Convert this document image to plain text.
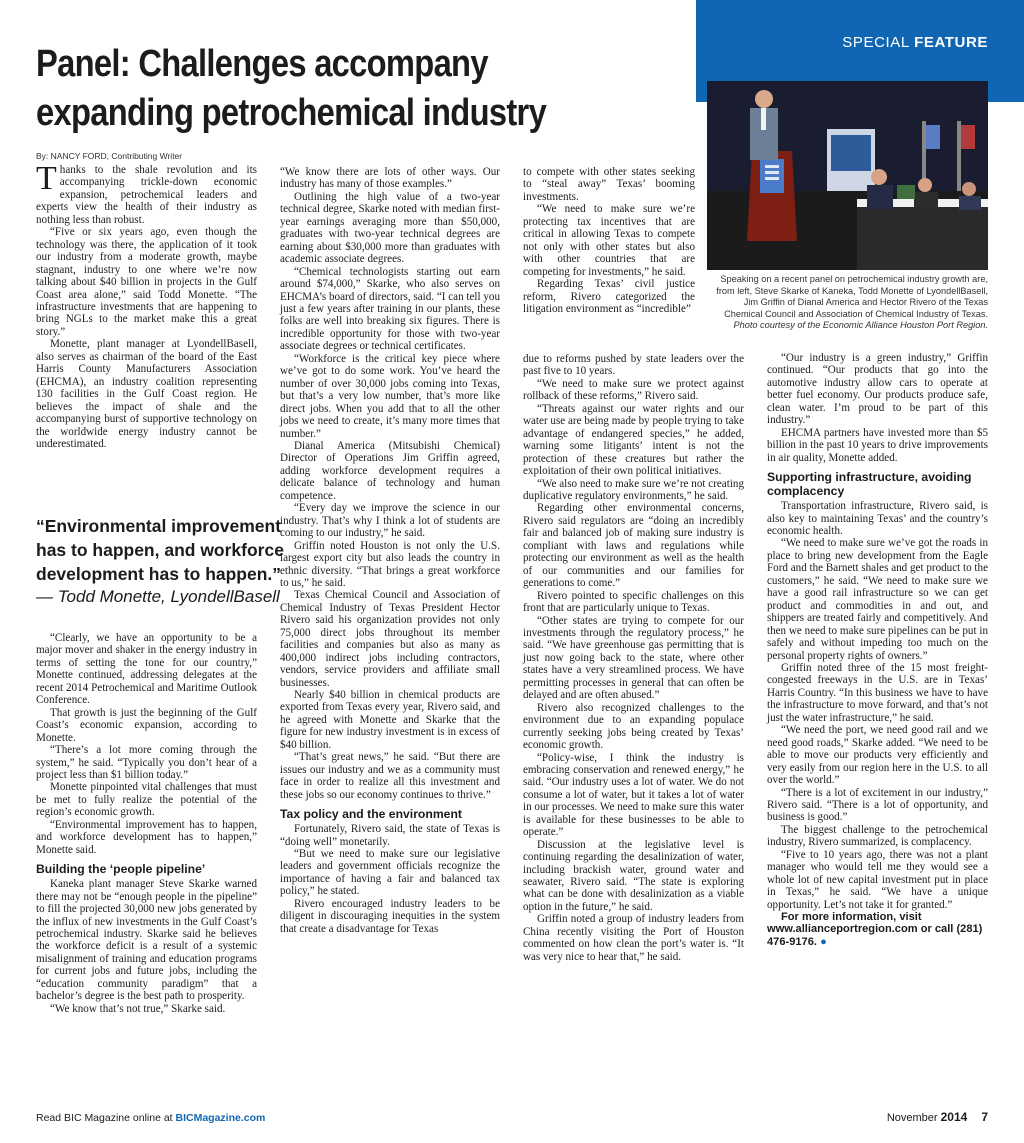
SPECIAL FEATURE
Panel: Challenges accompany expanding petrochemical industry
By: NANCY FORD, Contributing Writer
Speaking on a recent panel on petrochemical industry growth are, from left, Steve Skarke of Kaneka, Todd Monette of LyondellBasell, Jim Griffin of Dianal America and Hector Rivero of the Texas Chemical Council and Association of Chemical Industry of Texas. Photo courtesy of the Economic Alliance Houston Port Region.

Thanks to the shale revolution and its accompanying trickle-down economic expansion, petrochemical leaders and experts view the health of their industry as nothing less than robust.

“Five or six years ago, even though the technology was there, the application of it took our industry from a moderate growth, maybe stagnant, industry to one where we’re now talking about $40 billion in projects in the Gulf Coast area alone,” said Todd Monette. “The infrastructure investments that are happening to bring NGLs to the market make this a great story.”

Monette, plant manager at LyondellBasell, also serves as chairman of the board of the East Harris County Manufacturers Association (EHCMA), an industry coalition representing 130 facilities in the Gulf Coast region. He believes the impact of shale and the accompanying burst of supportive technology on the worldwide energy industry cannot be underestimated.

“Environmental improvement has to happen, and workforce development has to happen.”

— Todd Monette, LyondellBasell

“Clearly, we have an opportunity to be a major mover and shaker in the energy industry in terms of setting the tone for our country,” Monette continued, addressing delegates at the recent 2014 Petrochemical and Maritime Outlook Conference.

That growth is just the beginning of the Gulf Coast’s economic expansion, according to Monette.

“There’s a lot more coming through the system,” he said. “Typically you don’t hear of a project less than $1 billion today.”

Monette pinpointed vital challenges that must be met to fully realize the potential of the region’s economic growth.

“Environmental improvement has to happen, and workforce development has to happen,” Monette said.

Building the ‘people pipeline’

Kaneka plant manager Steve Skarke warned there may not be “enough people in the pipeline” to fill the projected 30,000 new jobs generated by the influx of new investments in the Gulf Coast’s petrochemical industry. Skarke said he believes the workforce deficit is a result of a systemic misalignment of training and education programs for current jobs and future jobs, including the “education community paradigm” that a bachelor’s degree is the best path to prosperity.

“We know that’s not true,” Skarke said.

“We know there are lots of other ways. Our industry has many of those examples.”

Outlining the high value of a two-year technical degree, Skarke noted with median first-year earnings averaging more than $50,000, graduates with two-year technical degrees are earning about $30,000 more than graduates with academic associate degrees.

“Chemical technologists starting out earn around $74,000,” Skarke, who also serves on EHCMA’s board of directors, said. “I can tell you just a few years after training in our plants, these folks are well into breaking six figures. There is incredible opportunity for those with two-year associate degrees or technical certificates.

“Workforce is the critical key piece where we’ve got to do some work. You’ve heard the number of over 30,000 jobs coming into Texas, but that’s a very low number, that’s more like direct jobs. When you add that to all the other jobs we need to create, it’s many more times that number.”

Dianal America (Mitsubishi Chemical) Director of Operations Jim Griffin agreed, adding workforce development requires a delicate balance of technology and human competence.

“Every day we improve the science in our industry. That’s why I think a lot of students are coming to our industry,” he said.

Griffin noted Houston is not only the U.S. largest export city but also leads the country in ethnic diversity. “That brings a great workforce to us,” he said.

Texas Chemical Council and Association of Chemical Industry of Texas President Hector Rivero said his organization provides not only 75,000 direct jobs throughout its member facilities and companies but also as many as 400,000 indirect jobs including contractors, vendors, service providers and affiliate small businesses.

Nearly $40 billion in chemical products are exported from Texas every year, Rivero said, and he agreed with Monette and Skarke that the figure for new industry investment is in excess of $40 billion.

“That’s great news,” he said. “But there are issues our industry and we as a community must face in order to realize all this investment and these jobs so our economy continues to thrive.”

Tax policy and the environment

Fortunately, Rivero said, the state of Texas is “doing well” monetarily.

“But we need to make sure our legislative leaders and government officials recognize the importance of having a fair and balanced tax policy,” he stated.

Rivero encouraged industry leaders to be diligent in discouraging inequities in the system that create a disadvantage for Texas

to compete with other states seeking to “steal away” Texas’ booming investments.

“We need to make sure we’re protecting tax incentives that are critical in allowing Texas to compete not only with other states but also with other countries that are competing for investments,” he said.

Regarding Texas’ civil justice reform, Rivero categorized the litigation environment as “incredible”

due to reforms pushed by state leaders over the past five to 10 years.

“We need to make sure we protect against rollback of these reforms,” Rivero said.

“Threats against our water rights and our water use are being made by people trying to take advantage of endangered species,” he added, warning some litigants’ intent is not the protection of these creatures but rather the exploitation of their own political initiatives.

“We also need to make sure we’re not creating duplicative regulatory environments,” he said.

Regarding other environmental concerns, Rivero said regulators are “doing an incredibly fair and balanced job of making sure industry is compliant with laws and regulations while protecting our environment as well as the health of our communities and our families for generations to come.”

Rivero pointed to specific challenges on this front that are particularly unique to Texas.

“Other states are trying to compete for our investments through the regulatory process,” he said. “We have greenhouse gas permitting that is just now going back to the state, where other states have a very streamlined process. We have permitting processes in general that can often be delayed and are often abused.”

Rivero also recognized challenges to the environment due to an expanding populace currently seeking jobs being created by Texas’ economic growth.

“Policy-wise, I think the industry is embracing conservation and renewed energy,” he said. “Our industry uses a lot of water. We do not consume a lot of water, but it takes a lot of water in our processes. We need to make sure this water is available for these businesses to be able to operate.”

Discussion at the legislative level is continuing regarding the desalinization of water, including brackish water, ground water and seawater, Rivero said. “The state is exploring what can be done with desalinization as a viable option in the future,” he said.

Griffin noted a group of industry leaders from China recently visiting the Port of Houston commented on how clean the port’s water is. “It was very nice to hear that,” he said.

“Our industry is a green industry,” Griffin continued. “Our products that go into the automotive industry allow cars to operate at better fuel economy. Our products produce safe, clean water. I’m proud to be part of this industry.”

EHCMA partners have invested more than $5 billion in the past 10 years to drive improvements in air quality, Monette added.

Supporting infrastructure, avoiding complacency

Transportation infrastructure, Rivero said, is also key to maintaining Texas’ and the country’s economic health.

“We need to make sure we’ve got the roads in place to bring new development from the Eagle Ford and the Barnett shales and get product to the customers,” he said. “We need to make sure we have a good rail infrastructure so we can get product and commodities in and out, and shippers are treated fairly and competitively. And then we need to make sure pipelines can be put in safely and without impeding too much on the personal property rights of owners.”

Griffin noted three of the 15 most freight-congested freeways in the U.S. are in Texas’ Harris Country. “In this business we have to have the infrastructure to move forward, and that’s not just the water infrastructure,” he said.

“We need the port, we need good rail and we need good roads,” Skarke added. “We need to be able to move our products very efficiently and very easily from our region here in the U.S. to all over the world.”

“There is a lot of excitement in our industry,” Rivero said. “There is a lot of opportunity, and business is good.”

The biggest challenge to the petrochemical industry, Rivero summarized, is complacency.

“Five to 10 years ago, there was not a plant manager who would tell me they would see a whole lot of new capital investment put in place in Texas,” he said. “We have a unique opportunity. Let’s not take it for granted.”

For more information, visit www.allianceportregion.com or call (281) 476-9176. ●

Read BIC Magazine online at BICMagazine.com	November 2014 7
